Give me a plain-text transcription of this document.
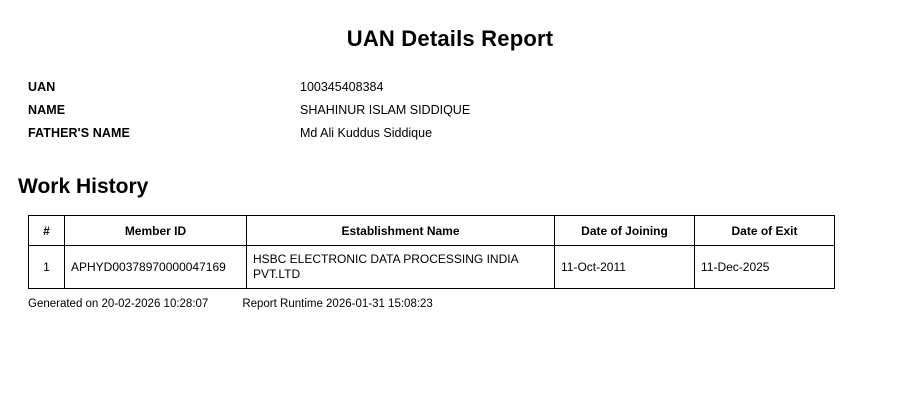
UAN Details Report
UAN	100345408384
NAME	SHAHINUR ISLAM SIDDIQUE
FATHER'S NAME	Md Ali Kuddus Siddique
Work History
#	Member ID	Establishment Name	Date of Joining	Date of Exit
1	APHYD00378970000047169	HSBC ELECTRONIC DATA PROCESSING INDIA PVT.LTD	11-Oct-2011	11-Dec-2025
Generated on 20-02-2026 10:28:07	Report Runtime 2026-01-31 15:08:23
